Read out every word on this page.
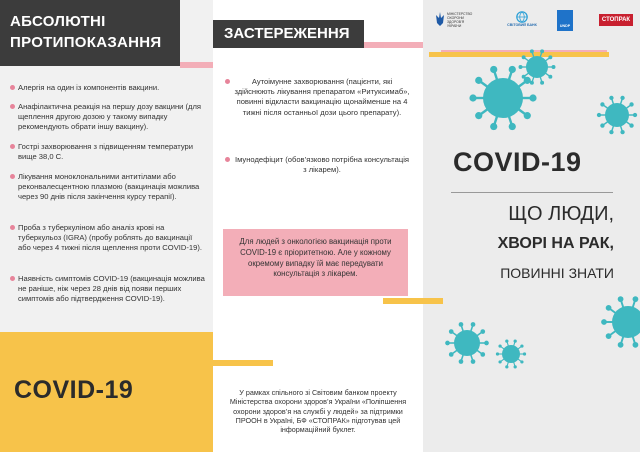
АБСОЛЮТНІ
ПРОТИПОКАЗАННЯ
Алергія на один із компонентів вакцини.
Анафілактична реакція на першу дозу вакцини (для щеплення другою дозою у такому випадку рекомендують обрати іншу вакцину).
Гострі захворювання з підвищенням температури вище 38,0 С.
Лікування моноклональними антитілами або реконвалесцентною плазмою (вакцинація можлива через 90 днів після закінчення курсу терапії).
Проба з туберкуліном або аналіз крові на туберкульоз (IGRA) (пробу роблять до вакцинації або через 4 тижні після щеплення проти COVID-19).
Наявність симптомів COVID-19 (вакцинація можлива не раніше, ніж через 28 днів від появи перших симптомів або підтвердження COVID-19).
COVID-19
ЗАСТЕРЕЖЕННЯ
Аутоімунне захворювання (пацієнти, які здійснюють лікування препаратом «Ритуксимаб», повинні відкласти вакцинацію щонайменше на 4 тижні після останньої дози цього препарату).
Імунодефіцит (обов’язково потрібна консультація з лікарем).
Для людей з онкологією вакцинація проти COVID-19 є пріоритетною. Але у кожному окремому випадку їй має передувати консультація з лікарем.
У рамках спільного зі Світовим банком проекту Міністерства охорони здоров’я України «Поліпшення охорони здоров’я на службі у людей» за підтримки ПРООН в Україні, БФ «СТОПРАК» підготував цей інформаційний буклет.
МІНІСТЕРСТВО ОХОРОНИ ЗДОРОВ'Я УКРАЇНИ	СВІТОВИЙ БАНК	UNDP
СТОПРАК
COVID-19
ЩО ЛЮДИ,
ХВОРІ НА РАК,
ПОВИННІ ЗНАТИ
